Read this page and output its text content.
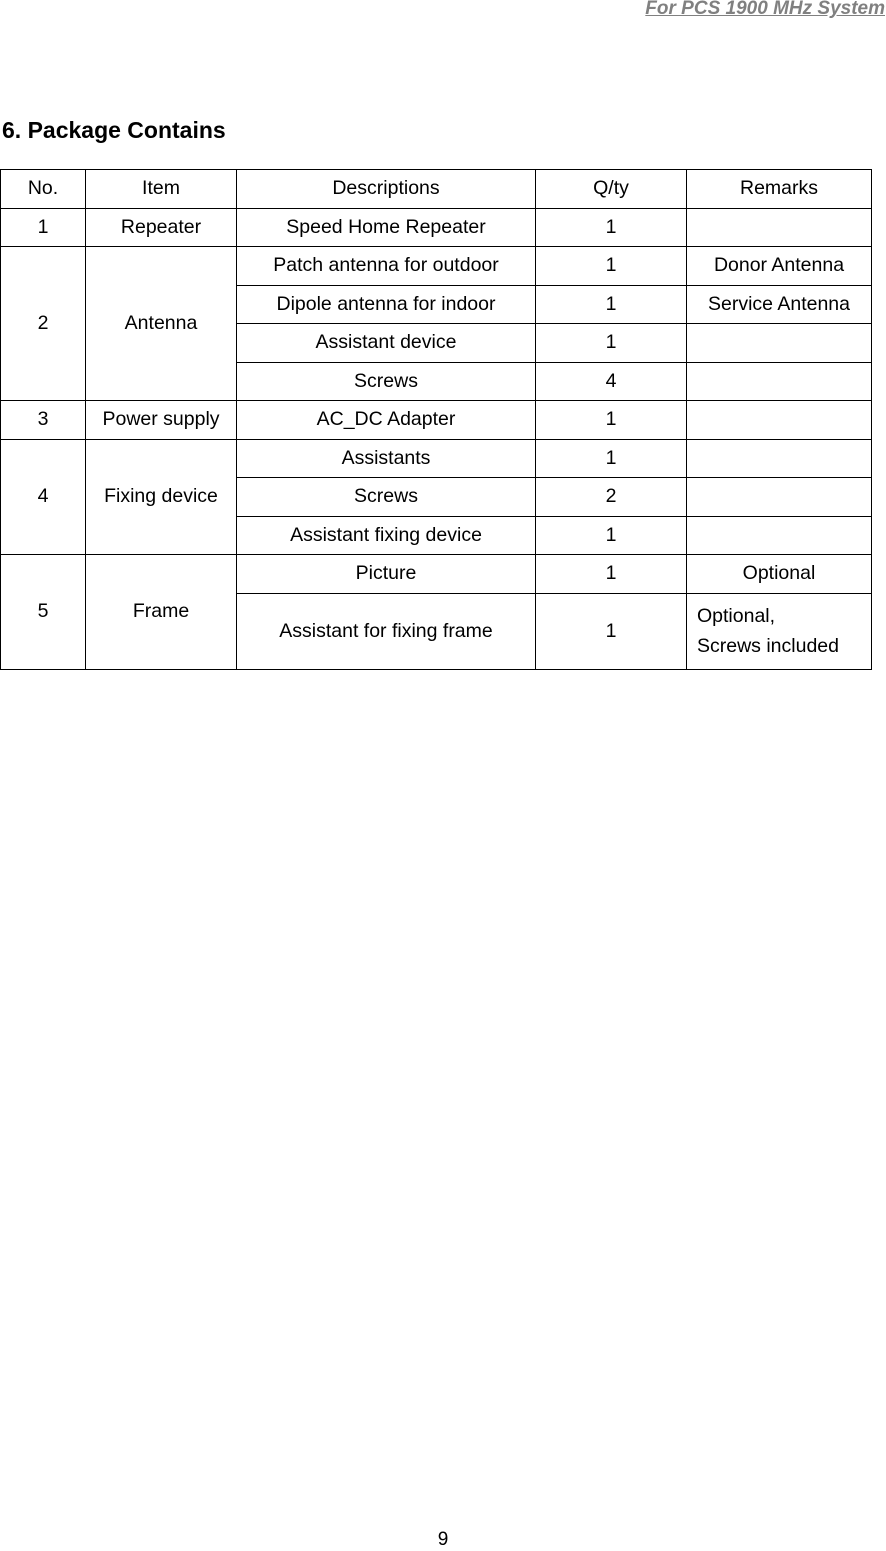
For PCS 1900 MHz System
6. Package Contains
No.	Item	Descriptions	Q/ty	Remarks
1	Repeater	Speed Home Repeater	1	
2	Antenna	Patch antenna for outdoor	1	Donor Antenna
		Dipole antenna for indoor	1	Service Antenna
		Assistant device	1	
		Screws	4	
3	Power supply	AC_DC Adapter	1	
4	Fixing device	Assistants	1	
		Screws	2	
		Assistant fixing device	1	
5	Frame	Picture	1	Optional
		Assistant for fixing frame	1	Optional,
Screws included
9
